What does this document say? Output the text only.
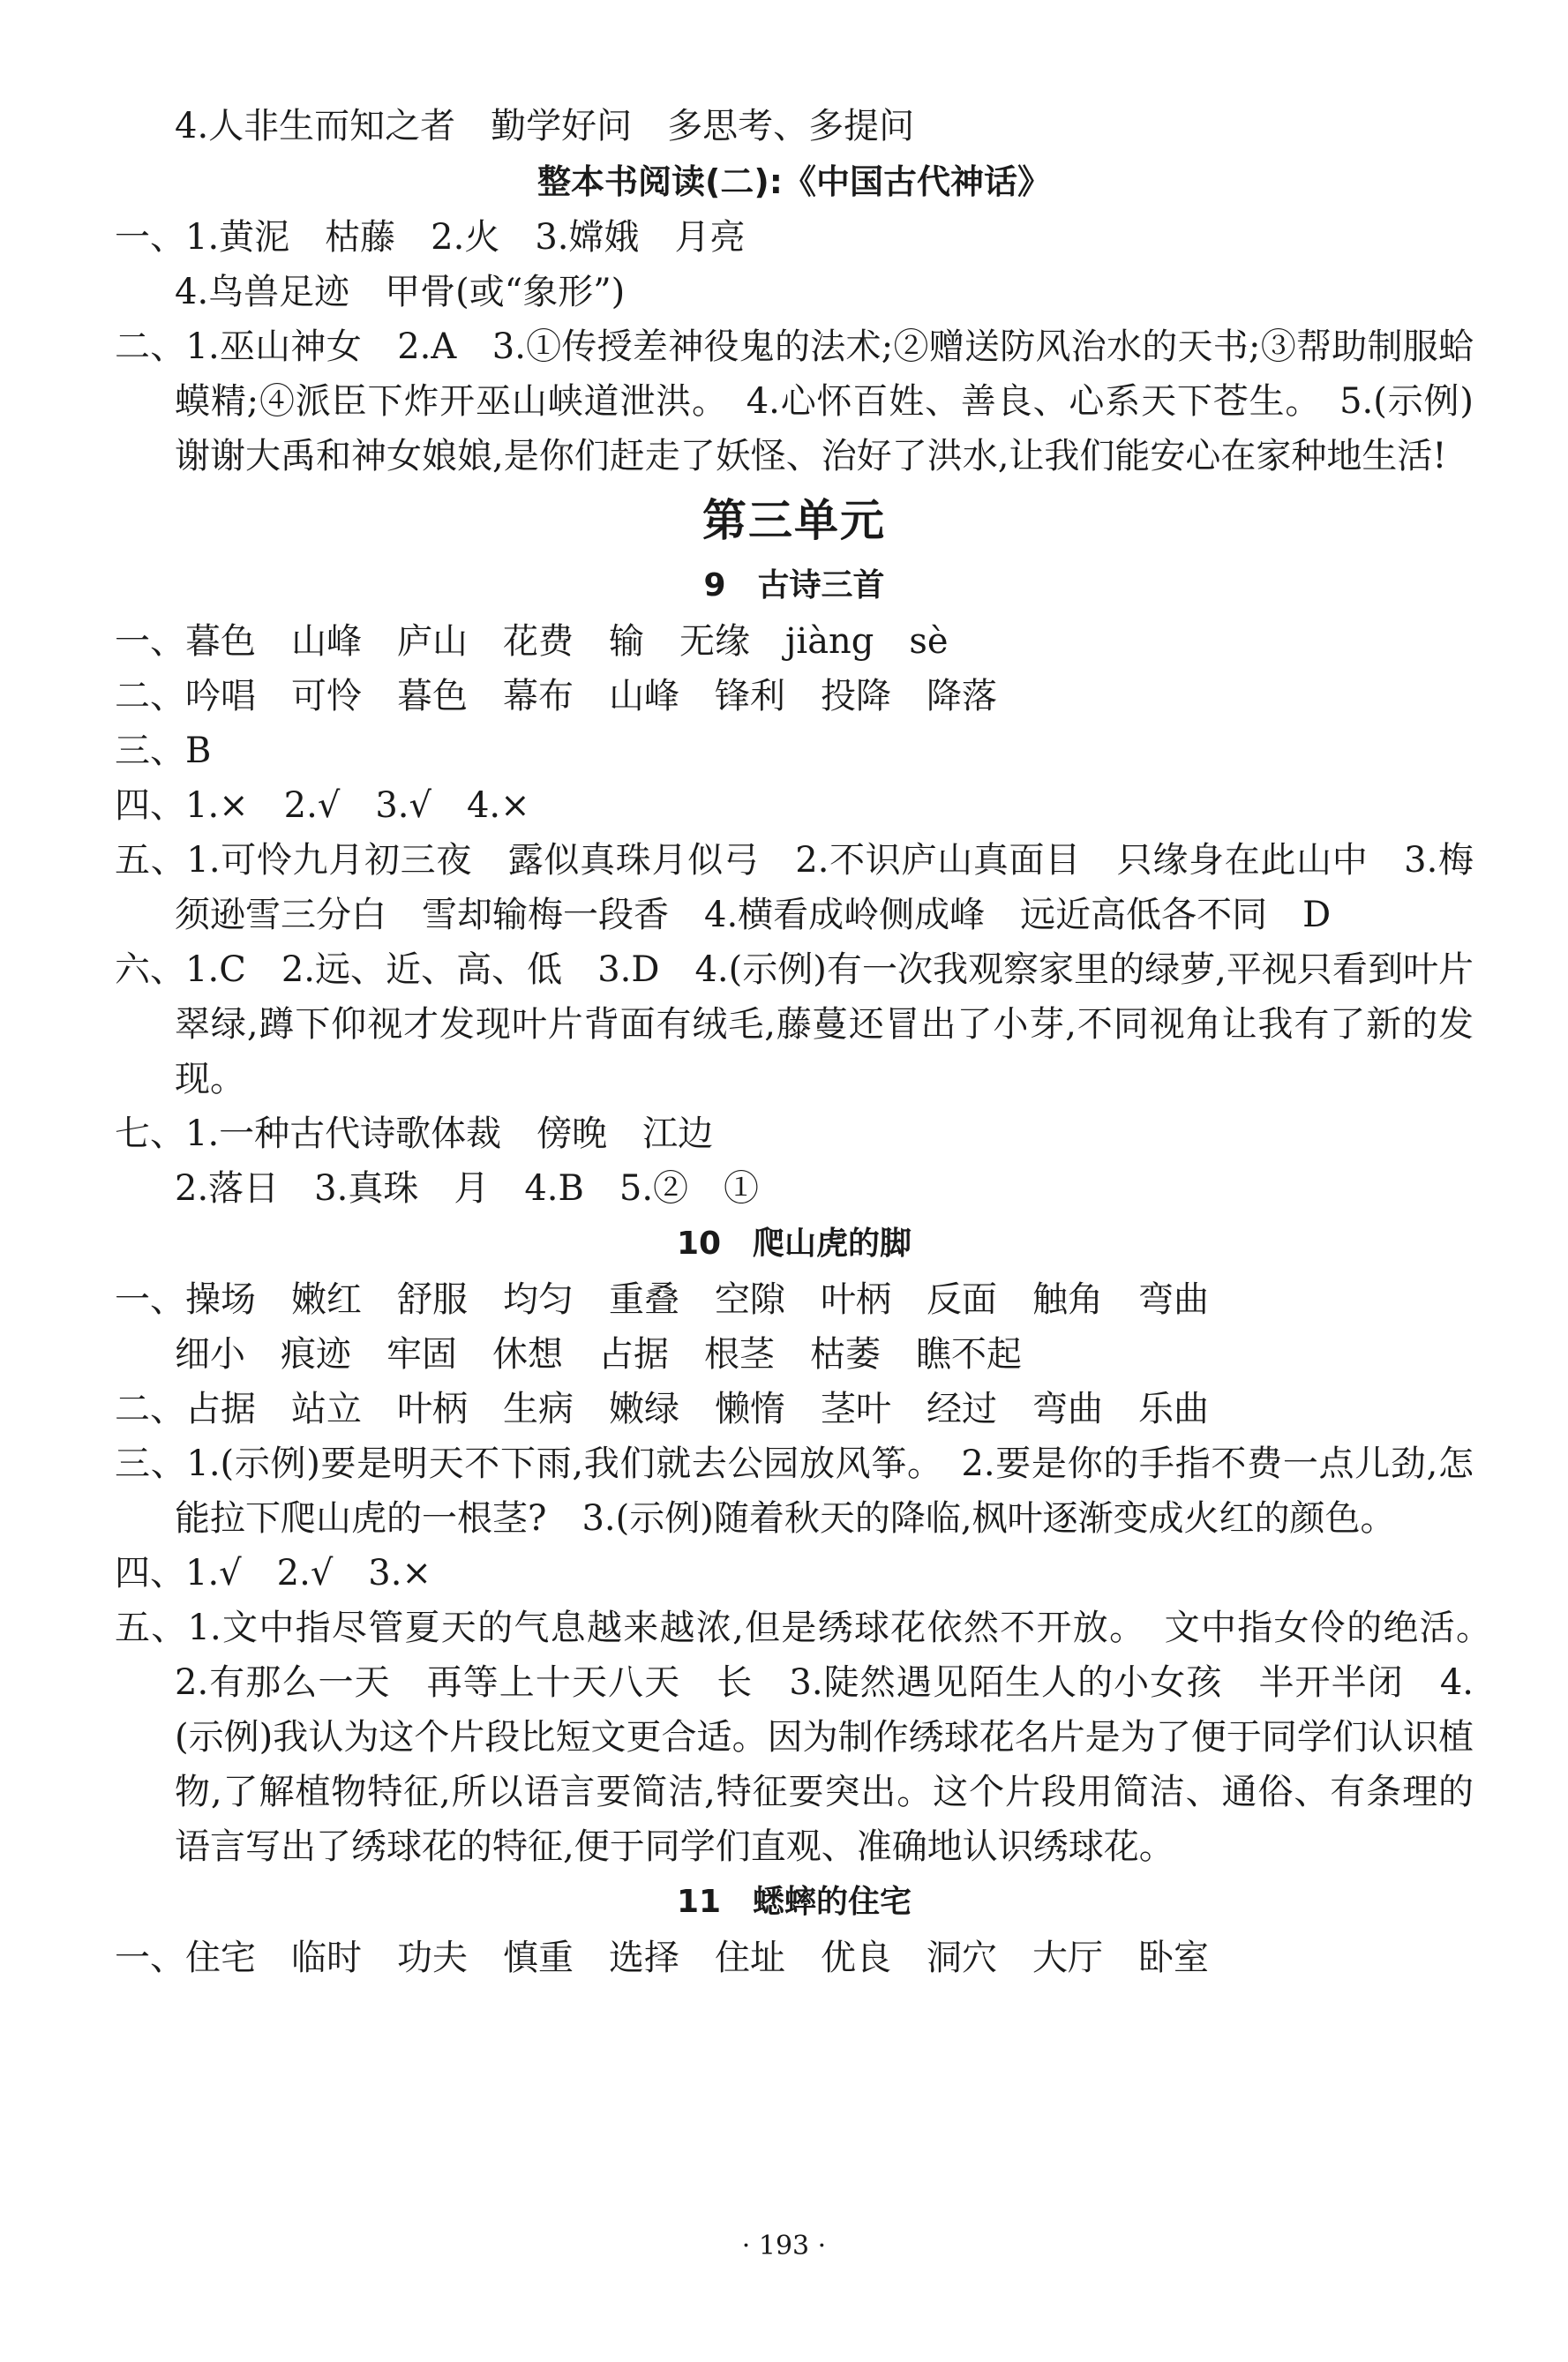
4.人非生而知之者　勤学好问　多思考、多提问
整本书阅读(二):《中国古代神话》
一、1.黄泥　枯藤　2.火　3.嫦娥　月亮
4.鸟兽足迹　甲骨(或“象形”)
二、1.巫山神女　2.A　3.①传授差神役鬼的法术;②赠送防风治水的天书;③帮助制服蛤蟆精;④派臣下炸开巫山峡道泄洪。　4.心怀百姓、善良、心系天下苍生。　5.(示例)谢谢大禹和神女娘娘,是你们赶走了妖怪、治好了洪水,让我们能安心在家种地生活!
第三单元
9 古诗三首
一、暮色　山峰　庐山　花费　输　无缘　jiàng　sè
二、吟唱　可怜　暮色　幕布　山峰　锋利　投降　降落
三、B
四、1.×　2.√　3.√　4.×
五、1.可怜九月初三夜　露似真珠月似弓　2.不识庐山真面目　只缘身在此山中　3.梅须逊雪三分白　雪却输梅一段香　4.横看成岭侧成峰　远近高低各不同　D
六、1.C　2.远、近、高、低　3.D　4.(示例)有一次我观察家里的绿萝,平视只看到叶片翠绿,蹲下仰视才发现叶片背面有绒毛,藤蔓还冒出了小芽,不同视角让我有了新的发现。
七、1.一种古代诗歌体裁　傍晚　江边
2.落日　3.真珠　月　4.B　5.②　①
10 爬山虎的脚
一、操场　嫩红　舒服　均匀　重叠　空隙　叶柄　反面　触角　弯曲
细小　痕迹　牢固　休想　占据　根茎　枯萎　瞧不起
二、占据　站立　叶柄　生病　嫩绿　懒惰　茎叶　经过　弯曲　乐曲
三、1.(示例)要是明天不下雨,我们就去公园放风筝。　2.要是你的手指不费一点儿劲,怎能拉下爬山虎的一根茎?　3.(示例)随着秋天的降临,枫叶逐渐变成火红的颜色。
四、1.√　2.√　3.×
五、1.文中指尽管夏天的气息越来越浓,但是绣球花依然不开放。　文中指女伶的绝活。　2.有那么一天　再等上十天八天　长　3.陡然遇见陌生人的小女孩　半开半闭　4.(示例)我认为这个片段比短文更合适。因为制作绣球花名片是为了便于同学们认识植物,了解植物特征,所以语言要简洁,特征要突出。这个片段用简洁、通俗、有条理的语言写出了绣球花的特征,便于同学们直观、准确地认识绣球花。
11 蟋蟀的住宅
一、住宅　临时　功夫　慎重　选择　住址　优良　洞穴　大厅　卧室
· 193 ·
